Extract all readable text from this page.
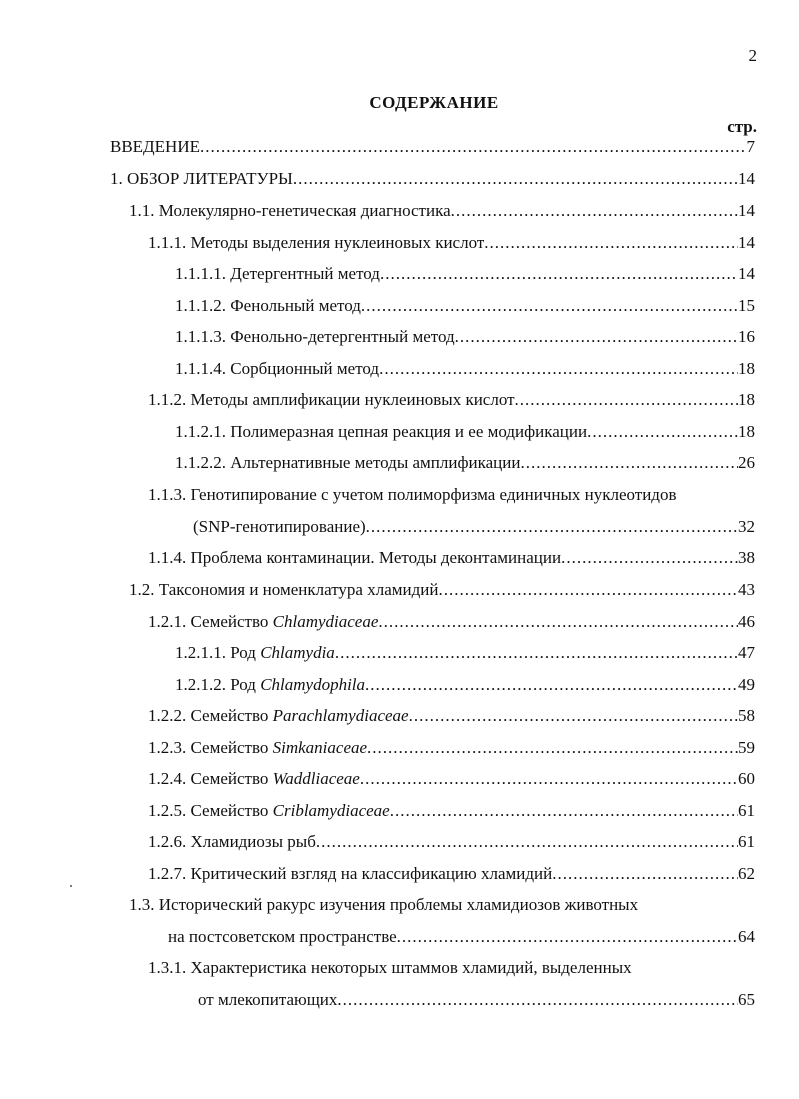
2
СОДЕРЖАНИЕ
стр.
ВВЕДЕНИЕ .....	7
1. ОБЗОР ЛИТЕРАТУРЫ .....	14
1.1. Молекулярно-генетическая диагностика .....	14
1.1.1. Методы выделения нуклеиновых кислот .....	14
1.1.1.1. Детергентный метод .....	14
1.1.1.2. Фенольный метод .....	15
1.1.1.3. Фенольно-детергентный метод .....	16
1.1.1.4. Сорбционный метод .....	18
1.1.2. Методы амплификации нуклеиновых кислот .....	18
1.1.2.1. Полимеразная цепная реакция и ее модификации .....	18
1.1.2.2. Альтернативные методы амплификации .....	26
1.1.3. Генотипирование с учетом полиморфизма единичных нуклеотидов
(SNP-генотипирование) .....	32
1.1.4. Проблема контаминации. Методы деконтаминации .....	38
1.2. Таксономия и номенклатура хламидий .....	43
1.2.1. Семейство Chlamydiaceae .....	46
1.2.1.1. Род Chlamydia .....	47
1.2.1.2. Род Chlamydophila .....	49
1.2.2. Семейство Parachlamydiaceae .....	58
1.2.3. Семейство Simkaniaceae .....	59
1.2.4. Семейство Waddliaceae .....	60
1.2.5. Семейство Criblamydiaceae .....	61
1.2.6. Хламидиозы рыб .....	61
1.2.7. Критический взгляд на классификацию хламидий .....	62
1.3. Исторический ракурс изучения проблемы хламидиозов животных
на постсоветском пространстве .....	64
1.3.1. Характеристика некоторых штаммов хламидий, выделенных
от млекопитающих .....	65
